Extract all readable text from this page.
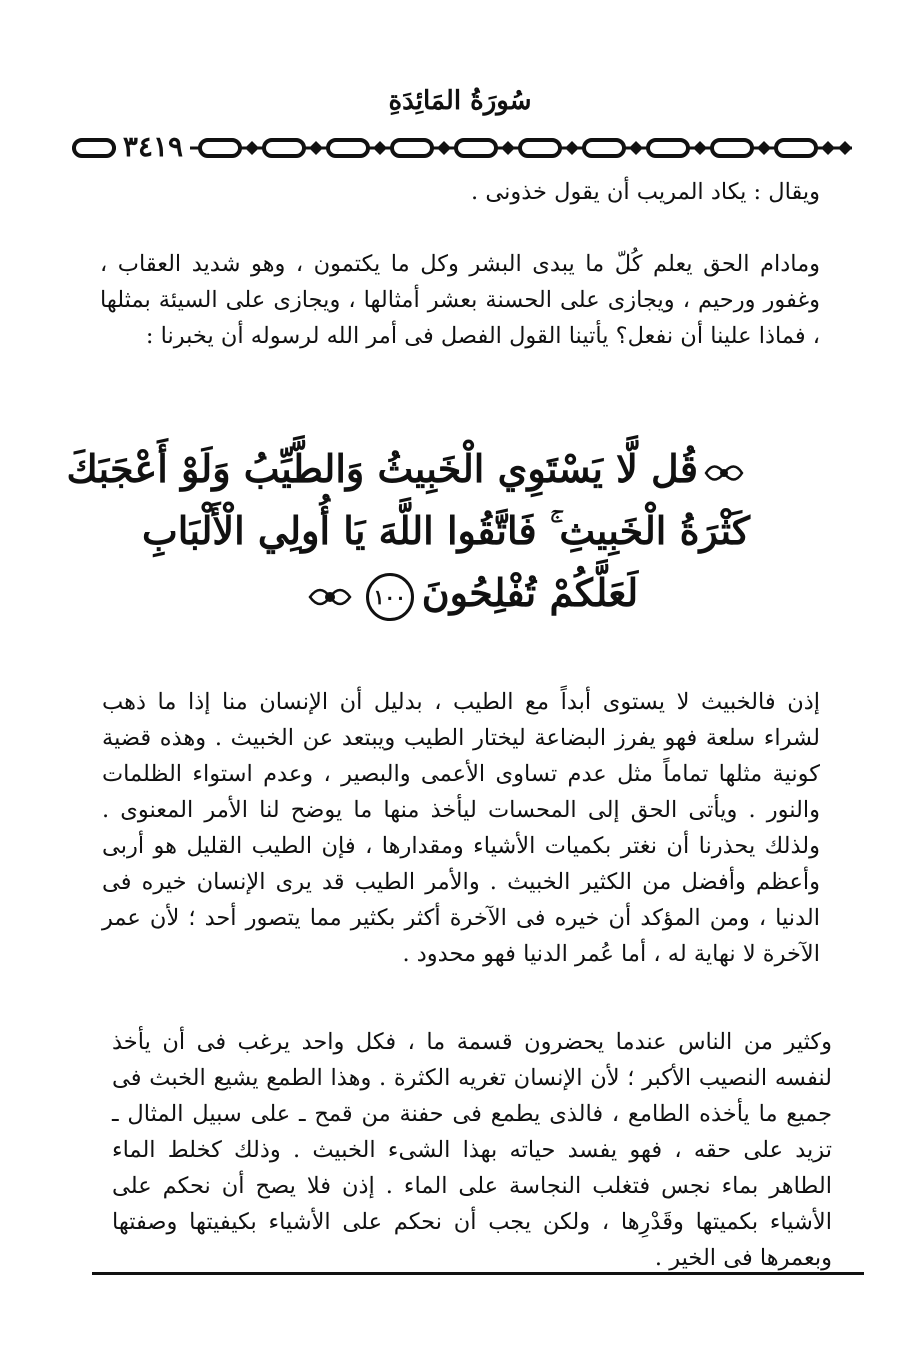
سُورَةُ المَائِدَةِ
٣٤١٩

ويقال : يكاد المريب أن يقول خذونى .

ومادام الحق يعلم كُلّ ما يبدى البشر وكل ما يكتمون ، وهو شديد العقاب ، وغفور ورحيم ، ويجازى على الحسنة بعشر أمثالها ، ويجازى على السيئة بمثلها ، فماذا علينا أن نفعل؟ يأتينا القول الفصل فى أمر الله لرسوله أن يخبرنا :

قُل لَّا يَسْتَوِي الْخَبِيثُ وَالطَّيِّبُ وَلَوْ أَعْجَبَكَ
كَثْرَةُ الْخَبِيثِ ۚ فَاتَّقُوا اللَّهَ يَا أُولِي الْأَلْبَابِ
لَعَلَّكُمْ تُفْلِحُونَ١٠٠

إذن فالخبيث لا يستوى أبداً مع الطيب ، بدليل أن الإنسان منا إذا ما ذهب لشراء سلعة فهو يفرز البضاعة ليختار الطيب ويبتعد عن الخبيث . وهذه قضية كونية مثلها تماماً مثل عدم تساوى الأعمى والبصير ، وعدم استواء الظلمات والنور . ويأتى الحق إلى المحسات ليأخذ منها ما يوضح لنا الأمر المعنوى . ولذلك يحذرنا أن نغتر بكميات الأشياء ومقدارها ، فإن الطيب القليل هو أربى وأعظم وأفضل من الكثير الخبيث . والأمر الطيب قد يرى الإنسان خيره فى الدنيا ، ومن المؤكد أن خيره فى الآخرة أكثر بكثير مما يتصور أحد ؛ لأن عمر الآخرة لا نهاية له ، أما عُمر الدنيا فهو محدود .

وكثير من الناس عندما يحضرون قسمة ما ، فكل واحد يرغب فى أن يأخذ لنفسه النصيب الأكبر ؛ لأن الإنسان تغريه الكثرة . وهذا الطمع يشيع الخبث فى جميع ما يأخذه الطامع ، فالذى يطمع فى حفنة من قمح ـ على سبيل المثال ـ تزيد على حقه ، فهو يفسد حياته بهذا الشىء الخبيث . وذلك كخلط الماء الطاهر بماء نجس فتغلب النجاسة على الماء . إذن فلا يصح أن نحكم على الأشياء بكميتها وقَدْرِها ، ولكن يجب أن نحكم على الأشياء بكيفيتها وصفتها وبعمرها فى الخير .
